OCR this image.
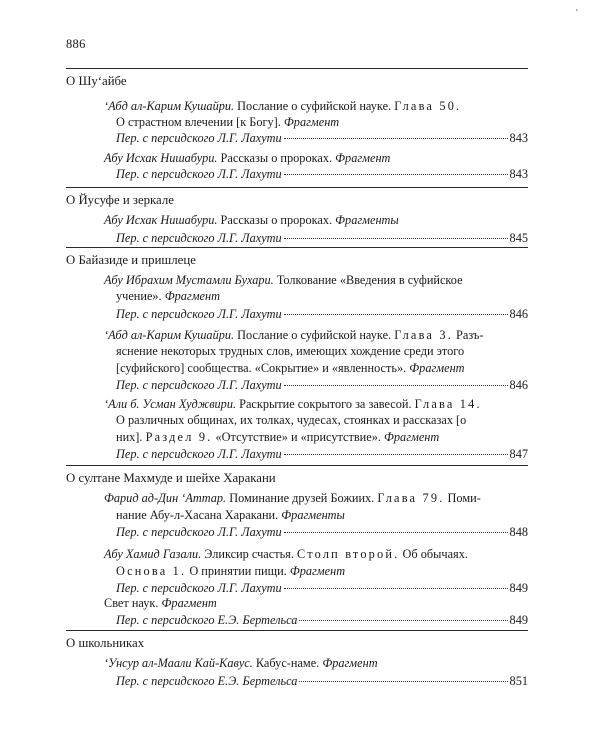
'
886
О Шу‘айбе
‘Абд ал-Карим Кушайри. Послание о суфийской науке. Глава 50.
О страстном влечении [к Богу]. Фрагмент
Пер. с персидского Л.Г. Лахути	843
Абу Исхак Нишабури. Рассказы о пророках. Фрагмент
Пер. с персидского Л.Г. Лахути	843
О Йусуфе и зеркале
Абу Исхак Нишабури. Рассказы о пророках. Фрагменты
Пер. с персидского Л.Г. Лахути	845
О Байазиде и пришлеце
Абу Ибрахим Мустамли Бухари. Толкование «Введения в суфийское
учение». Фрагмент
Пер. с персидского Л.Г. Лахути	846
‘Абд ал-Карим Кушайри. Послание о суфийской науке. Глава 3. Разъ-
яснение некоторых трудных слов, имеющих хождение среди этого
[суфийского] сообщества. «Сокрытие» и «явленность». Фрагмент
Пер. с персидского Л.Г. Лахути	846
‘Али б. Усман Худжвири. Раскрытие сокрытого за завесой. Глава 14.
О различных общинах, их толках, чудесах, стоянках и рассказах [о
них]. Раздел 9. «Отсутствие» и «присутствие». Фрагмент
Пер. с персидского Л.Г. Лахути	847
О султане Махмуде и шейхе Харакани
Фарид ад-Дин ‘Аттар. Поминание друзей Божиих. Глава 79. Поми-
нание Абу-л-Хасана Харакани. Фрагменты
Пер. с персидского Л.Г. Лахути	848
Абу Хамид Газали. Эликсир счастья. Столп второй. Об обычаях.
Основа 1. О принятии пищи. Фрагмент
Пер. с персидского Л.Г. Лахути	849
Свет наук. Фрагмент
Пер. с персидского Е.Э. Бертельса	849
О школьниках
‘Унсур ал-Маали Кай-Кавус. Кабус-наме. Фрагмент
Пер. с персидского Е.Э. Бертельса	851
